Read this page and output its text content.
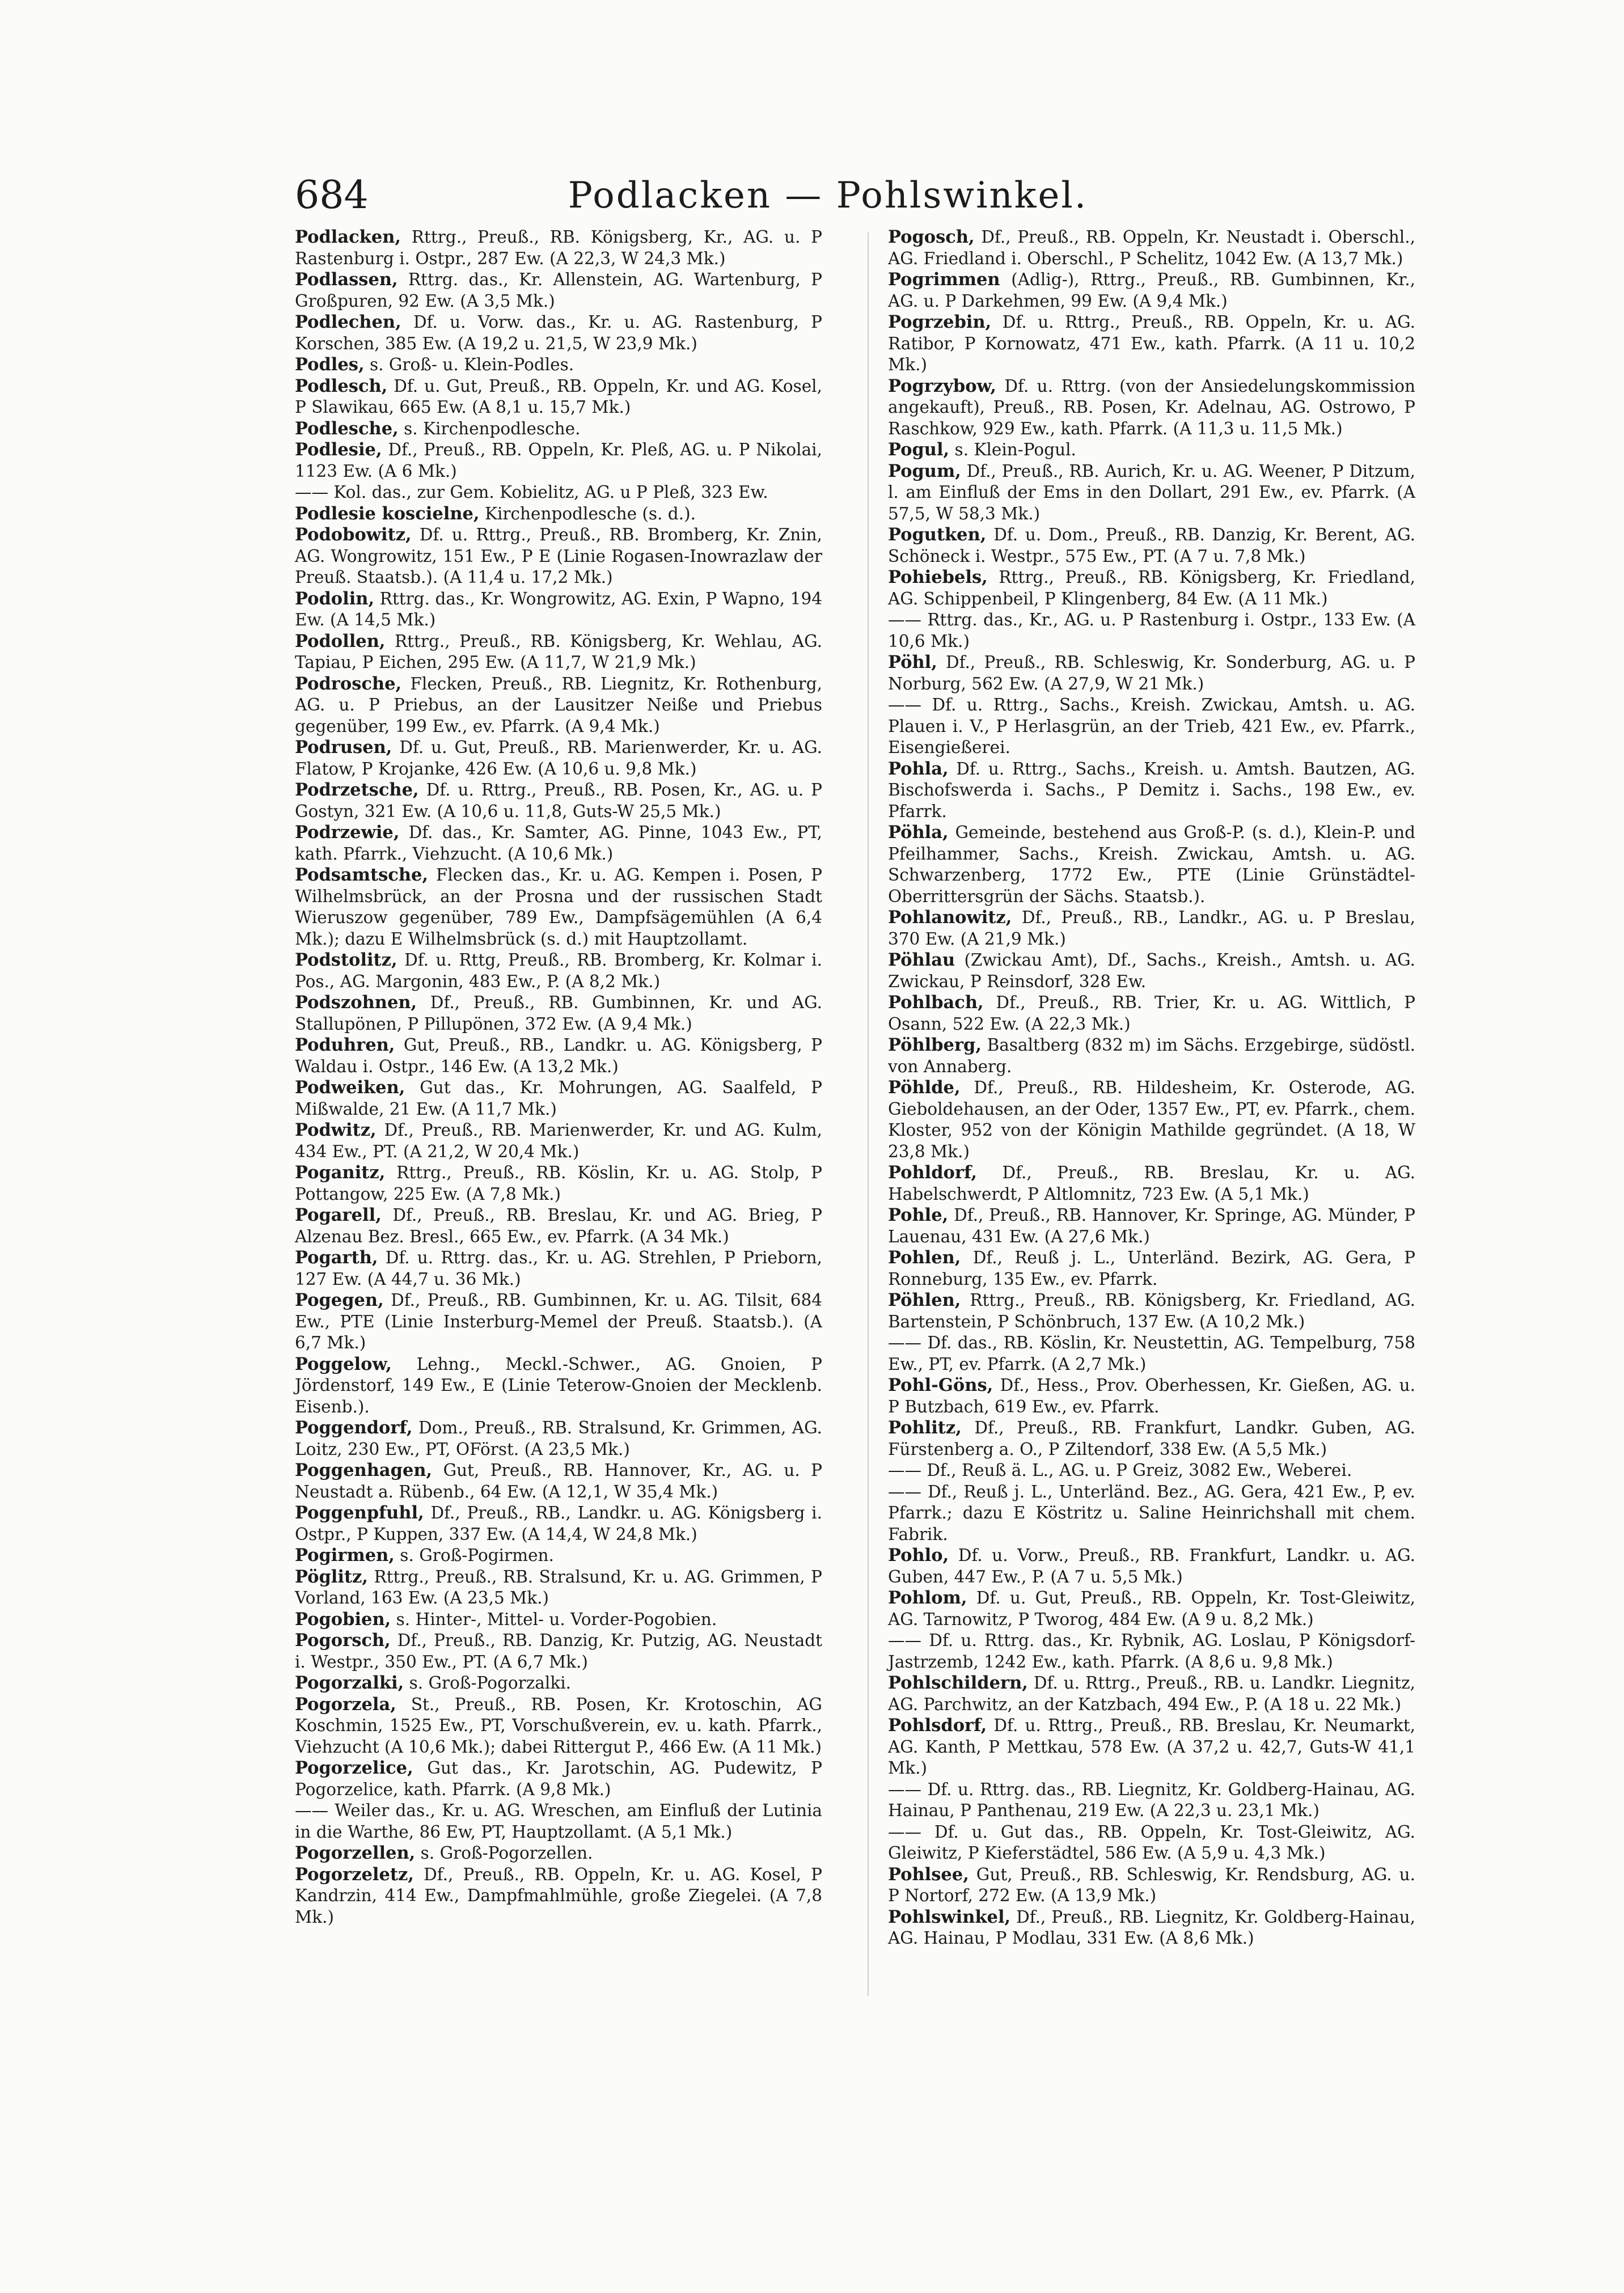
684	Podlacken — Pohlswinkel.

Podlacken, Rttrg., Preuß., RB. Königsberg, Kr., AG. u. P Rastenburg i. Ostpr., 287 Ew. (A 22,3, W 24,3 Mk.)

Podlassen, Rttrg. das., Kr. Allenstein, AG. Wartenburg, P Großpuren, 92 Ew. (A 3,5 Mk.)

Podlechen, Df. u. Vorw. das., Kr. u. AG. Rastenburg, P Korschen, 385 Ew. (A 19,2 u. 21,5, W 23,9 Mk.)

Podles, s. Groß- u. Klein-Podles.

Podlesch, Df. u. Gut, Preuß., RB. Oppeln, Kr. und AG. Kosel, P Slawikau, 665 Ew. (A 8,1 u. 15,7 Mk.)

Podlesche, s. Kirchenpodlesche.

Podlesie, Df., Preuß., RB. Oppeln, Kr. Pleß, AG. u. P Nikolai, 1123 Ew. (A 6 Mk.)

—— Kol. das., zur Gem. Kobielitz, AG. u P Pleß, 323 Ew.

Podlesie koscielne, Kirchenpodlesche (s. d.).

Podobowitz, Df. u. Rttrg., Preuß., RB. Bromberg, Kr. Znin, AG. Wongrowitz, 151 Ew., P E (Linie Rogasen-Inowrazlaw der Preuß. Staatsb.). (A 11,4 u. 17,2 Mk.)

Podolin, Rttrg. das., Kr. Wongrowitz, AG. Exin, P Wapno, 194 Ew. (A 14,5 Mk.)

Podollen, Rttrg., Preuß., RB. Königsberg, Kr. Wehlau, AG. Tapiau, P Eichen, 295 Ew. (A 11,7, W 21,9 Mk.)

Podrosche, Flecken, Preuß., RB. Liegnitz, Kr. Rothenburg, AG. u. P Priebus, an der Lausitzer Neiße und Priebus gegenüber, 199 Ew., ev. Pfarrk. (A 9,4 Mk.)

Podrusen, Df. u. Gut, Preuß., RB. Marienwerder, Kr. u. AG. Flatow, P Krojanke, 426 Ew. (A 10,6 u. 9,8 Mk.)

Podrzetsche, Df. u. Rttrg., Preuß., RB. Posen, Kr., AG. u. P Gostyn, 321 Ew. (A 10,6 u. 11,8, Guts-W 25,5 Mk.)

Podrzewie, Df. das., Kr. Samter, AG. Pinne, 1043 Ew., PT, kath. Pfarrk., Viehzucht. (A 10,6 Mk.)

Podsamtsche, Flecken das., Kr. u. AG. Kempen i. Posen, P Wilhelmsbrück, an der Prosna und der russischen Stadt Wieruszow gegenüber, 789 Ew., Dampfsägemühlen (A 6,4 Mk.); dazu E Wilhelmsbrück (s. d.) mit Hauptzollamt.

Podstolitz, Df. u. Rttg, Preuß., RB. Bromberg, Kr. Kolmar i. Pos., AG. Margonin, 483 Ew., P. (A 8,2 Mk.)

Podszohnen, Df., Preuß., RB. Gumbinnen, Kr. und AG. Stallupönen, P Pillupönen, 372 Ew. (A 9,4 Mk.)

Poduhren, Gut, Preuß., RB., Landkr. u. AG. Königsberg, P Waldau i. Ostpr., 146 Ew. (A 13,2 Mk.)

Podweiken, Gut das., Kr. Mohrungen, AG. Saalfeld, P Mißwalde, 21 Ew. (A 11,7 Mk.)

Podwitz, Df., Preuß., RB. Marienwerder, Kr. und AG. Kulm, 434 Ew., PT. (A 21,2, W 20,4 Mk.)

Poganitz, Rttrg., Preuß., RB. Köslin, Kr. u. AG. Stolp, P Pottangow, 225 Ew. (A 7,8 Mk.)

Pogarell, Df., Preuß., RB. Breslau, Kr. und AG. Brieg, P Alzenau Bez. Bresl., 665 Ew., ev. Pfarrk. (A 34 Mk.)

Pogarth, Df. u. Rttrg. das., Kr. u. AG. Strehlen, P Prieborn, 127 Ew. (A 44,7 u. 36 Mk.)

Pogegen, Df., Preuß., RB. Gumbinnen, Kr. u. AG. Tilsit, 684 Ew., PTE (Linie Insterburg-Memel der Preuß. Staatsb.). (A 6,7 Mk.)

Poggelow, Lehng., Meckl.-Schwer., AG. Gnoien, P Jördenstorf, 149 Ew., E (Linie Teterow-Gnoien der Mecklenb. Eisenb.).

Poggendorf, Dom., Preuß., RB. Stralsund, Kr. Grimmen, AG. Loitz, 230 Ew., PT, OFörst. (A 23,5 Mk.)

Poggenhagen, Gut, Preuß., RB. Hannover, Kr., AG. u. P Neustadt a. Rübenb., 64 Ew. (A 12,1, W 35,4 Mk.)

Poggenpfuhl, Df., Preuß., RB., Landkr. u. AG. Königsberg i. Ostpr., P Kuppen, 337 Ew. (A 14,4, W 24,8 Mk.)

Pogirmen, s. Groß-Pogirmen.

Pöglitz, Rttrg., Preuß., RB. Stralsund, Kr. u. AG. Grimmen, P Vorland, 163 Ew. (A 23,5 Mk.)

Pogobien, s. Hinter-, Mittel- u. Vorder-Pogobien.

Pogorsch, Df., Preuß., RB. Danzig, Kr. Putzig, AG. Neustadt i. Westpr., 350 Ew., PT. (A 6,7 Mk.)

Pogorzalki, s. Groß-Pogorzalki.

Pogorzela, St., Preuß., RB. Posen, Kr. Krotoschin, AG Koschmin, 1525 Ew., PT, Vorschußverein, ev. u. kath. Pfarrk., Viehzucht (A 10,6 Mk.); dabei Rittergut P., 466 Ew. (A 11 Mk.)

Pogorzelice, Gut das., Kr. Jarotschin, AG. Pudewitz, P Pogorzelice, kath. Pfarrk. (A 9,8 Mk.)

—— Weiler das., Kr. u. AG. Wreschen, am Einfluß der Lutinia in die Warthe, 86 Ew, PT, Hauptzollamt. (A 5,1 Mk.)

Pogorzellen, s. Groß-Pogorzellen.

Pogorzeletz, Df., Preuß., RB. Oppeln, Kr. u. AG. Kosel, P Kandrzin, 414 Ew., Dampfmahlmühle, große Ziegelei. (A 7,8 Mk.)

Pogosch, Df., Preuß., RB. Oppeln, Kr. Neustadt i. Oberschl., AG. Friedland i. Oberschl., P Schelitz, 1042 Ew. (A 13,7 Mk.)

Pogrimmen (Adlig-), Rttrg., Preuß., RB. Gumbinnen, Kr., AG. u. P Darkehmen, 99 Ew. (A 9,4 Mk.)

Pogrzebin, Df. u. Rttrg., Preuß., RB. Oppeln, Kr. u. AG. Ratibor, P Kornowatz, 471 Ew., kath. Pfarrk. (A 11 u. 10,2 Mk.)

Pogrzybow, Df. u. Rttrg. (von der Ansiedelungskommission angekauft), Preuß., RB. Posen, Kr. Adelnau, AG. Ostrowo, P Raschkow, 929 Ew., kath. Pfarrk. (A 11,3 u. 11,5 Mk.)

Pogul, s. Klein-Pogul.

Pogum, Df., Preuß., RB. Aurich, Kr. u. AG. Weener, P Ditzum, l. am Einfluß der Ems in den Dollart, 291 Ew., ev. Pfarrk. (A 57,5, W 58,3 Mk.)

Pogutken, Df. u. Dom., Preuß., RB. Danzig, Kr. Berent, AG. Schöneck i. Westpr., 575 Ew., PT. (A 7 u. 7,8 Mk.)

Pohiebels, Rttrg., Preuß., RB. Königsberg, Kr. Friedland, AG. Schippenbeil, P Klingenberg, 84 Ew. (A 11 Mk.)

—— Rttrg. das., Kr., AG. u. P Rastenburg i. Ostpr., 133 Ew. (A 10,6 Mk.)

Pöhl, Df., Preuß., RB. Schleswig, Kr. Sonderburg, AG. u. P Norburg, 562 Ew. (A 27,9, W 21 Mk.)

—— Df. u. Rttrg., Sachs., Kreish. Zwickau, Amtsh. u. AG. Plauen i. V., P Herlasgrün, an der Trieb, 421 Ew., ev. Pfarrk., Eisengießerei.

Pohla, Df. u. Rttrg., Sachs., Kreish. u. Amtsh. Bautzen, AG. Bischofswerda i. Sachs., P Demitz i. Sachs., 198 Ew., ev. Pfarrk.

Pöhla, Gemeinde, bestehend aus Groß-P. (s. d.), Klein-P. und Pfeilhammer, Sachs., Kreish. Zwickau, Amtsh. u. AG. Schwarzenberg, 1772 Ew., PTE (Linie Grünstädtel-Oberrittersgrün der Sächs. Staatsb.).

Pohlanowitz, Df., Preuß., RB., Landkr., AG. u. P Breslau, 370 Ew. (A 21,9 Mk.)

Pöhlau (Zwickau Amt), Df., Sachs., Kreish., Amtsh. u. AG. Zwickau, P Reinsdorf, 328 Ew.

Pohlbach, Df., Preuß., RB. Trier, Kr. u. AG. Wittlich, P Osann, 522 Ew. (A 22,3 Mk.)

Pöhlberg, Basaltberg (832 m) im Sächs. Erzgebirge, südöstl. von Annaberg.

Pöhlde, Df., Preuß., RB. Hildesheim, Kr. Osterode, AG. Gieboldehausen, an der Oder, 1357 Ew., PT, ev. Pfarrk., chem. Kloster, 952 von der Königin Mathilde gegründet. (A 18, W 23,8 Mk.)

Pohldorf, Df., Preuß., RB. Breslau, Kr. u. AG. Habelschwerdt, P Altlomnitz, 723 Ew. (A 5,1 Mk.)

Pohle, Df., Preuß., RB. Hannover, Kr. Springe, AG. Münder, P Lauenau, 431 Ew. (A 27,6 Mk.)

Pohlen, Df., Reuß j. L., Unterländ. Bezirk, AG. Gera, P Ronneburg, 135 Ew., ev. Pfarrk.

Pöhlen, Rttrg., Preuß., RB. Königsberg, Kr. Friedland, AG. Bartenstein, P Schönbruch, 137 Ew. (A 10,2 Mk.)

—— Df. das., RB. Köslin, Kr. Neustettin, AG. Tempelburg, 758 Ew., PT, ev. Pfarrk. (A 2,7 Mk.)

Pohl-Göns, Df., Hess., Prov. Oberhessen, Kr. Gießen, AG. u. P Butzbach, 619 Ew., ev. Pfarrk.

Pohlitz, Df., Preuß., RB. Frankfurt, Landkr. Guben, AG. Fürstenberg a. O., P Ziltendorf, 338 Ew. (A 5,5 Mk.)

—— Df., Reuß ä. L., AG. u. P Greiz, 3082 Ew., Weberei.

—— Df., Reuß j. L., Unterländ. Bez., AG. Gera, 421 Ew., P, ev. Pfarrk.; dazu E Köstritz u. Saline Heinrichshall mit chem. Fabrik.

Pohlo, Df. u. Vorw., Preuß., RB. Frankfurt, Landkr. u. AG. Guben, 447 Ew., P. (A 7 u. 5,5 Mk.)

Pohlom, Df. u. Gut, Preuß., RB. Oppeln, Kr. Tost-Gleiwitz, AG. Tarnowitz, P Tworog, 484 Ew. (A 9 u. 8,2 Mk.)

—— Df. u. Rttrg. das., Kr. Rybnik, AG. Loslau, P Königsdorf-Jastrzemb, 1242 Ew., kath. Pfarrk. (A 8,6 u. 9,8 Mk.)

Pohlschildern, Df. u. Rttrg., Preuß., RB. u. Landkr. Liegnitz, AG. Parchwitz, an der Katzbach, 494 Ew., P. (A 18 u. 22 Mk.)

Pohlsdorf, Df. u. Rttrg., Preuß., RB. Breslau, Kr. Neumarkt, AG. Kanth, P Mettkau, 578 Ew. (A 37,2 u. 42,7, Guts-W 41,1 Mk.)

—— Df. u. Rttrg. das., RB. Liegnitz, Kr. Goldberg-Hainau, AG. Hainau, P Panthenau, 219 Ew. (A 22,3 u. 23,1 Mk.)

—— Df. u. Gut das., RB. Oppeln, Kr. Tost-Gleiwitz, AG. Gleiwitz, P Kieferstädtel, 586 Ew. (A 5,9 u. 4,3 Mk.)

Pohlsee, Gut, Preuß., RB. Schleswig, Kr. Rendsburg, AG. u. P Nortorf, 272 Ew. (A 13,9 Mk.)

Pohlswinkel, Df., Preuß., RB. Liegnitz, Kr. Goldberg-Hainau, AG. Hainau, P Modlau, 331 Ew. (A 8,6 Mk.)
